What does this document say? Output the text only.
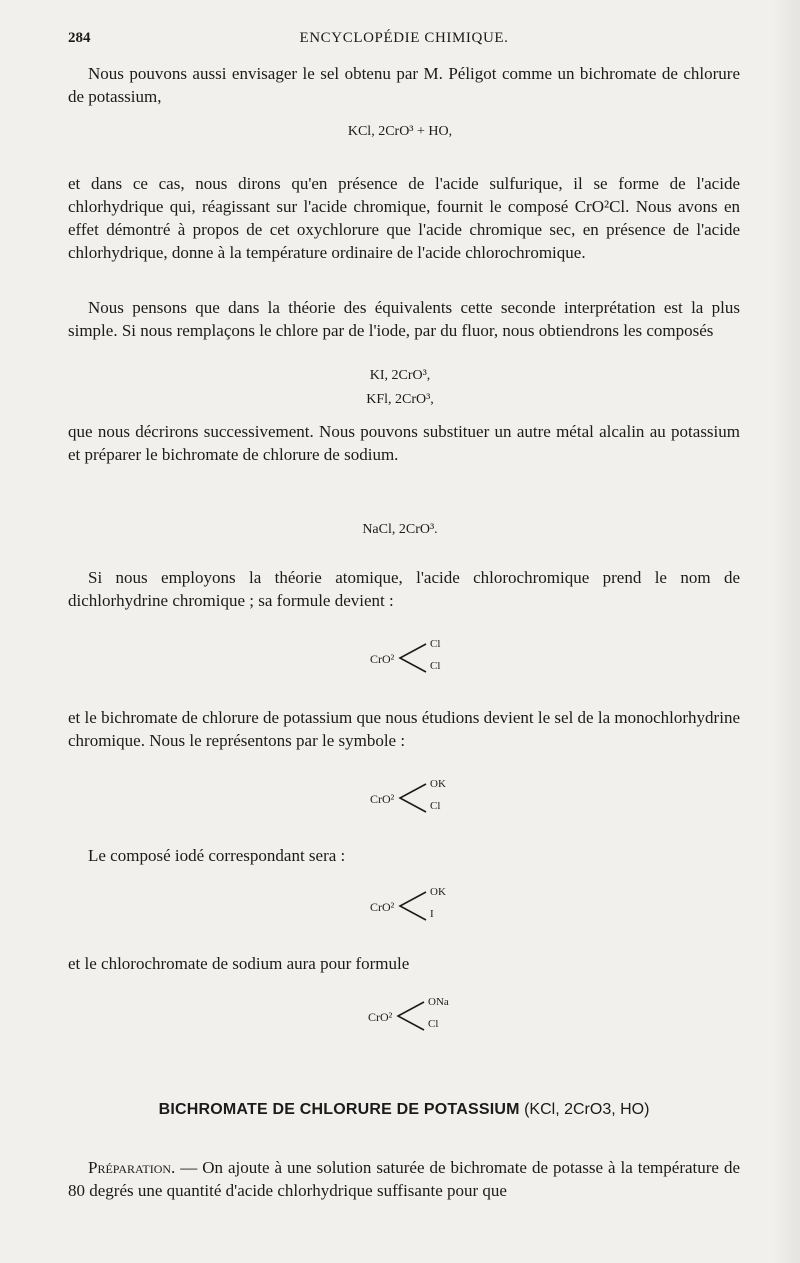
284	ENCYCLOPÉDIE CHIMIQUE.

Nous pouvons aussi envisager le sel obtenu par M. Péligot comme un bichromate de chlorure de potassium,

KCl, 2CrO³ + HO,

et dans ce cas, nous dirons qu'en présence de l'acide sulfurique, il se forme de l'acide chlorhydrique qui, réagissant sur l'acide chromique, fournit le composé CrO²Cl. Nous avons en effet démontré à propos de cet oxychlorure que l'acide chromique sec, en présence de l'acide chlorhydrique, donne à la température ordinaire de l'acide chlorochromique.

Nous pensons que dans la théorie des équivalents cette seconde interprétation est la plus simple. Si nous remplaçons le chlore par de l'iode, par du fluor, nous obtiendrons les composés

KI, 2CrO³,
KFl, 2CrO³,

que nous décrirons successivement. Nous pouvons substituer un autre métal alcalin au potassium et préparer le bichromate de chlorure de sodium.

NaCl, 2CrO³.

Si nous employons la théorie atomique, l'acide chlorochromique prend le nom de dichlorhydrine chromique ; sa formule devient :

CrO²
Cl
Cl

et le bichromate de chlorure de potassium que nous étudions devient le sel de la monochlorhydrine chromique. Nous le représentons par le symbole :

CrO²
OK
Cl

Le composé iodé correspondant sera :

CrO²
OK
I

et le chlorochromate de sodium aura pour formule

CrO²
ONa
Cl
BICHROMATE DE CHLORURE DE POTASSIUM (KCl, 2CrO3, HO)

Préparation. — On ajoute à une solution saturée de bichromate de potasse à la température de 80 degrés une quantité d'acide chlorhydrique suffisante pour que
